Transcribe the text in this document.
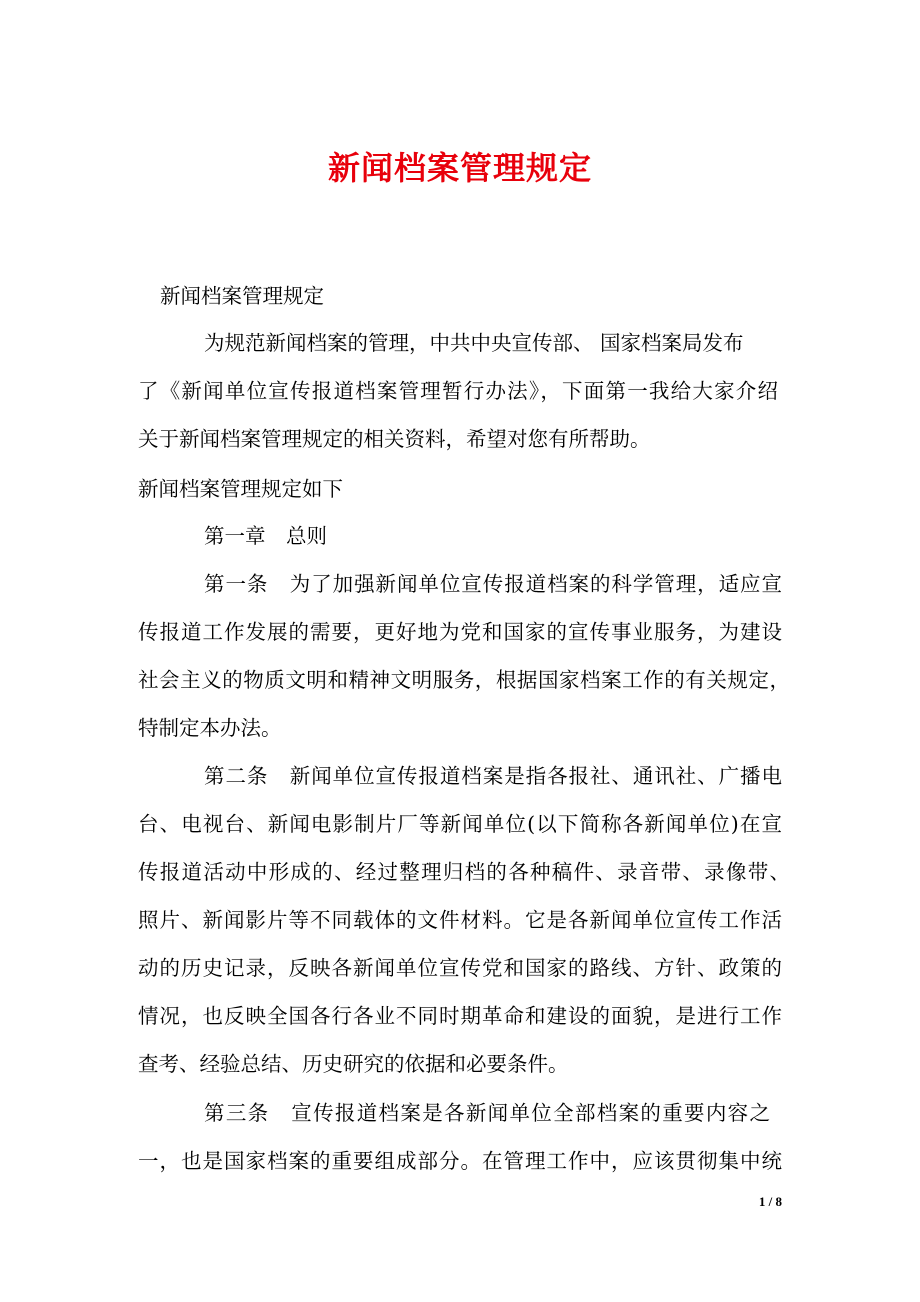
新闻档案管理规定
新闻档案管理规定
为规范新闻档案的管理，中共中央宣传部、 国家档案局发布
了《新闻单位宣传报道档案管理暂行办法》，下面第一我给大家介绍
关于新闻档案管理规定的相关资料，希望对您有所帮助。
新闻档案管理规定如下
第一章　总则
第一条　为了加强新闻单位宣传报道档案的科学管理，适应宣
传报道工作发展的需要，更好地为党和国家的宣传事业服务，为建设
社会主义的物质文明和精神文明服务，根据国家档案工作的有关规定，
特制定本办法。
第二条　新闻单位宣传报道档案是指各报社、通讯社、广播电
台、电视台、新闻电影制片厂等新闻单位(以下简称各新闻单位)在宣
传报道活动中形成的、经过整理归档的各种稿件、录音带、录像带、
照片、新闻影片等不同载体的文件材料。它是各新闻单位宣传工作活
动的历史记录，反映各新闻单位宣传党和国家的路线、方针、政策的
情况，也反映全国各行各业不同时期革命和建设的面貌，是进行工作
查考、经验总结、历史研究的依据和必要条件。
第三条　宣传报道档案是各新闻单位全部档案的重要内容之
一，也是国家档案的重要组成部分。在管理工作中，应该贯彻集中统
1 / 8
